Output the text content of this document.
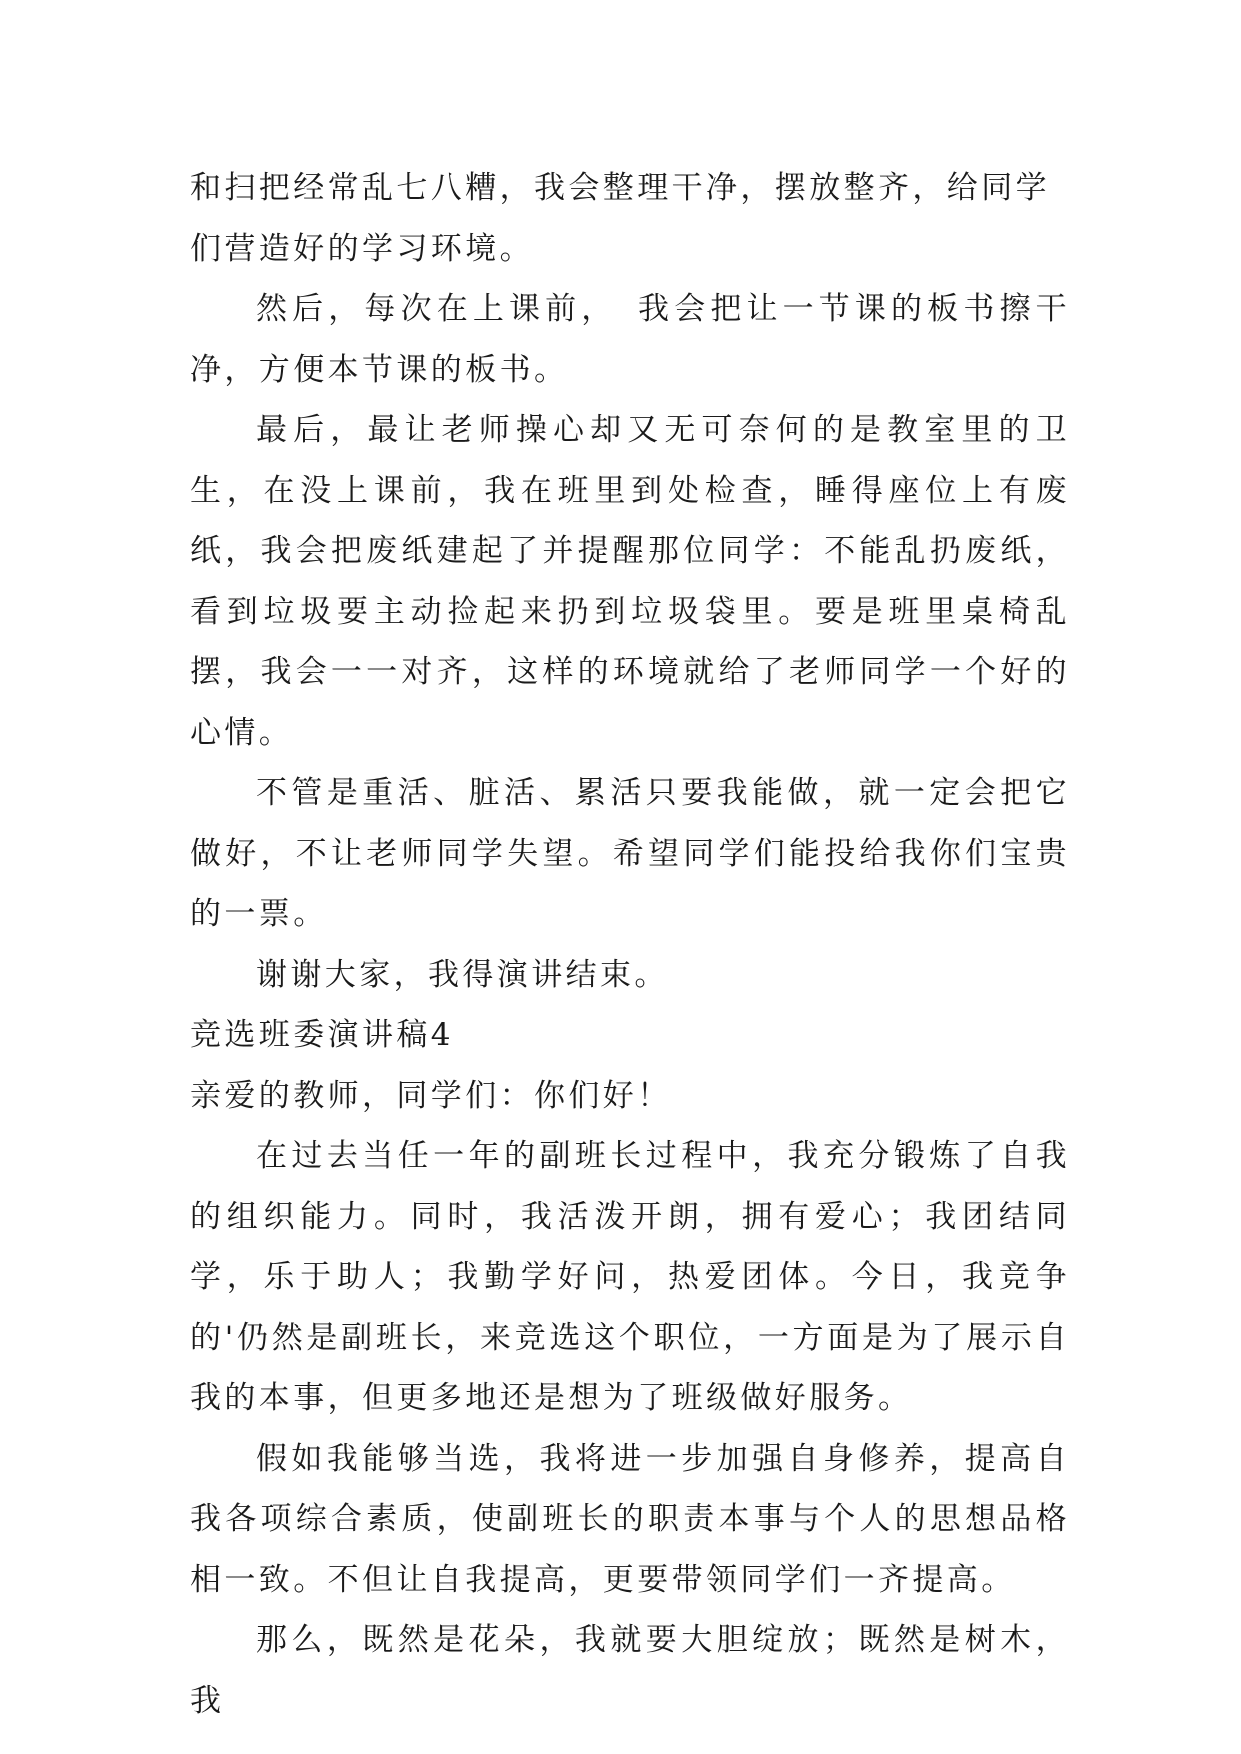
和扫把经常乱七八糟，我会整理干净，摆放整齐，给同学们营造好的学习环境。

然后，每次在上课前，　我会把让一节课的板书擦干净，方便本节课的板书。

最后，最让老师操心却又无可奈何的是教室里的卫生，在没上课前，我在班里到处检查，睡得座位上有废纸，我会把废纸建起了并提醒那位同学：不能乱扔废纸，看到垃圾要主动捡起来扔到垃圾袋里。要是班里桌椅乱摆，我会一一对齐，这样的环境就给了老师同学一个好的心情。

不管是重活、脏活、累活只要我能做，就一定会把它做好，不让老师同学失望。希望同学们能投给我你们宝贵的一票。

谢谢大家，我得演讲结束。

竞选班委演讲稿4

亲爱的教师，同学们：你们好！

在过去当任一年的副班长过程中，我充分锻炼了自我的组织能力。同时，我活泼开朗，拥有爱心；我团结同学，乐于助人；我勤学好问，热爱团体。今日，我竞争的'仍然是副班长，来竞选这个职位，一方面是为了展示自我的本事，但更多地还是想为了班级做好服务。

假如我能够当选，我将进一步加强自身修养，提高自我各项综合素质，使副班长的职责本事与个人的思想品格相一致。不但让自我提高，更要带领同学们一齐提高。

那么，既然是花朵，我就要大胆绽放；既然是树木，我
